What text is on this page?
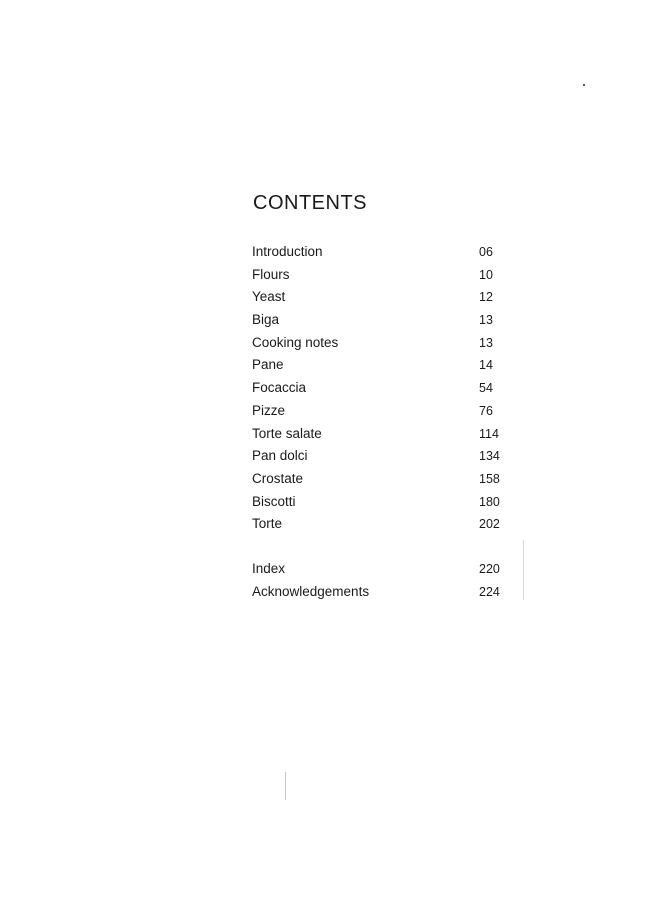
CONTENTS
Introduction	06
Flours	10
Yeast	12
Biga	13
Cooking notes	13
Pane	14
Focaccia	54
Pizze	76
Torte salate	114
Pan dolci	134
Crostate	158
Biscotti	180
Torte	202
Index	220
Acknowledgements	224
